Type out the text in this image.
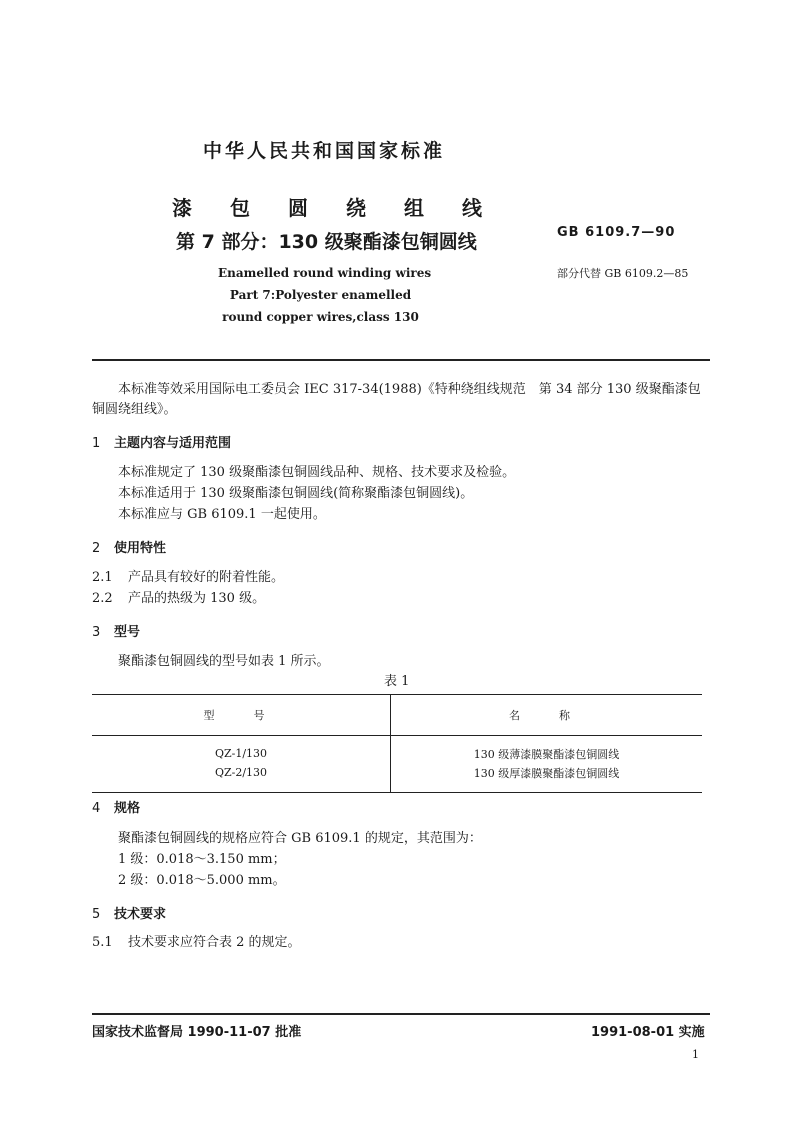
中华人民共和国国家标准
漆 包 圆 绕 组 线
第 7 部分：130 级聚酯漆包铜圆线	GB 6109.7—90
Enamelled round winding wires
Part 7:Polyester enamelled
round copper wires,class 130
部分代替 GB 6109.2—85
本标准等效采用国际电工委员会 IEC 317-34(1988)《特种绕组线规范　第 34 部分 130 级聚酯漆包
铜圆绕组线》。
1 主题内容与适用范围
本标准规定了 130 级聚酯漆包铜圆线品种、规格、技术要求及检验。
本标准适用于 130 级聚酯漆包铜圆线(简称聚酯漆包铜圆线)。
本标准应与 GB 6109.1 一起使用。
2 使用特性
2.1 产品具有较好的附着性能。
2.2 产品的热级为 130 级。
3 型号
聚酯漆包铜圆线的型号如表 1 所示。
表 1
型　号	名　称
QZ-1/130	130 级薄漆膜聚酯漆包铜圆线
QZ-2/130	130 级厚漆膜聚酯漆包铜圆线
4 规格
聚酯漆包铜圆线的规格应符合 GB 6109.1 的规定，其范围为：
1 级：0.018～3.150 mm；
2 级：0.018～5.000 mm。
5 技术要求
5.1 技术要求应符合表 2 的规定。
国家技术监督局 1990-11-07 批准	1991-08-01 实施
1
